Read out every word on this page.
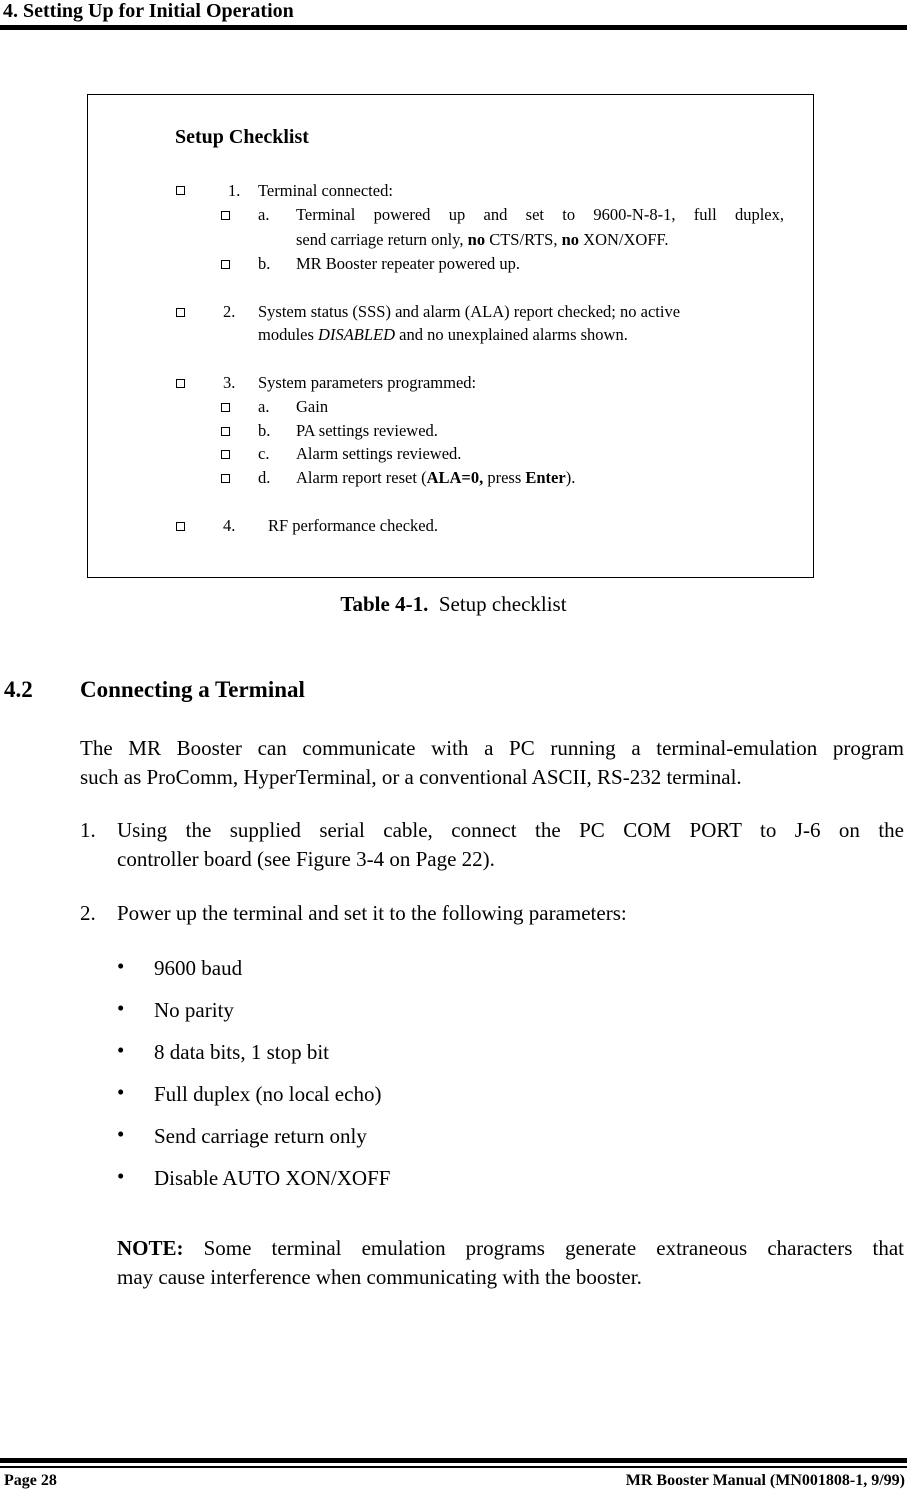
4. Setting Up for Initial Operation
Setup Checklist
1. Terminal connected:
a. Terminal powered up and set to 9600-N-8-1, full duplex,
send carriage return only, no CTS/RTS, no XON/XOFF.
b. MR Booster repeater powered up.
2. System status (SSS) and alarm (ALA) report checked; no active
modules DISABLED and no unexplained alarms shown.
3. System parameters programmed:
a. Gain
b. PA settings reviewed.
c. Alarm settings reviewed.
d. Alarm report reset (ALA=0, press Enter).
4. RF performance checked.
Table 4-1. Setup checklist
4.2 Connecting a Terminal
The MR Booster can communicate with a PC running a terminal-emulation program
such as ProComm, HyperTerminal, or a conventional ASCII, RS-232 terminal.
1. Using the supplied serial cable, connect the PC COM PORT to J-6 on the
controller board (see Figure 3-4 on Page 22).
2. Power up the terminal and set it to the following parameters:
• 9600 baud
• No parity
• 8 data bits, 1 stop bit
• Full duplex (no local echo)
• Send carriage return only
• Disable AUTO XON/XOFF
NOTE: Some terminal emulation programs generate extraneous characters that
may cause interference when communicating with the booster.
Page 28	MR Booster Manual (MN001808-1, 9/99)
